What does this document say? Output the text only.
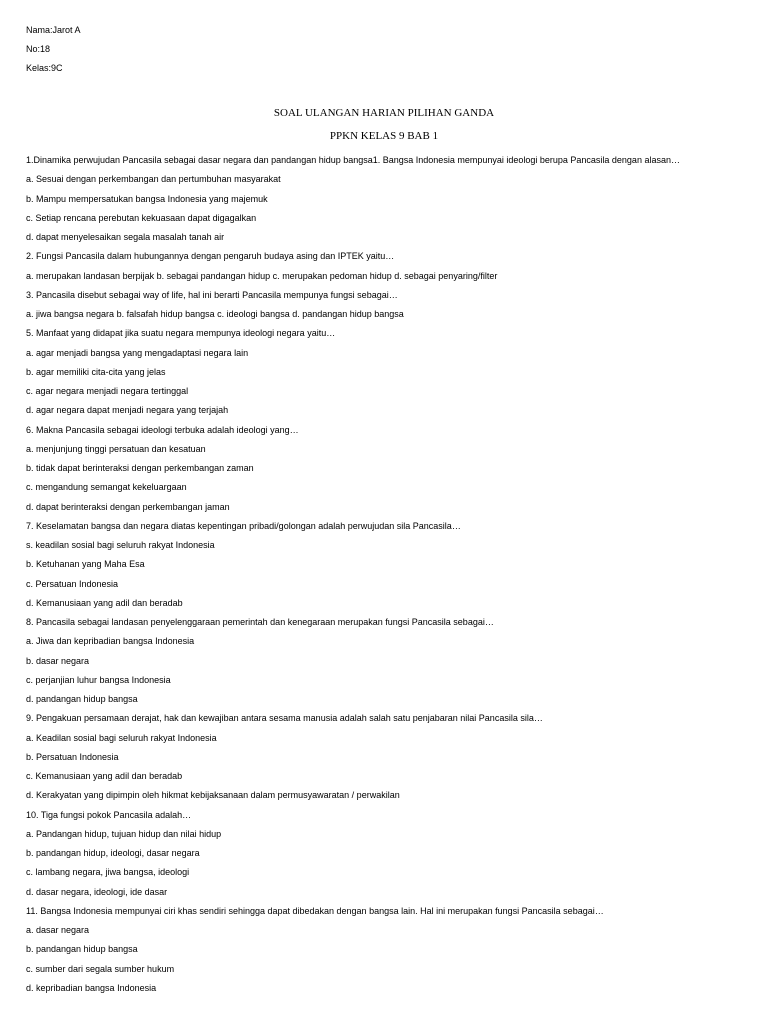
Nama:Jarot A
No:18
Kelas:9C
SOAL ULANGAN HARIAN PILIHAN GANDA
PPKN KELAS 9 BAB 1
1.Dinamika perwujudan Pancasila sebagai dasar negara dan pandangan hidup bangsa1. Bangsa Indonesia mempunyai ideologi berupa Pancasila dengan alasan…
a. Sesuai dengan perkembangan dan pertumbuhan masyarakat
b. Mampu mempersatukan bangsa Indonesia yang majemuk
c. Setiap rencana perebutan kekuasaan dapat digagalkan
d. dapat menyelesaikan segala masalah tanah air
2. Fungsi Pancasila dalam hubungannya dengan pengaruh budaya asing dan IPTEK yaitu…
a. merupakan landasan berpijak b. sebagai pandangan hidup c. merupakan pedoman hidup d. sebagai penyaring/filter
3. Pancasila disebut sebagai way of life, hal ini berarti Pancasila mempunya fungsi sebagai…
a. jiwa bangsa negara b. falsafah hidup bangsa c. ideologi bangsa d. pandangan hidup bangsa
5. Manfaat yang didapat jika suatu negara mempunya ideologi negara yaitu…
a. agar menjadi bangsa yang mengadaptasi negara lain
b. agar memiliki cita-cita yang jelas
c. agar negara menjadi negara tertinggal
d. agar negara dapat menjadi negara yang terjajah
6. Makna Pancasila sebagai ideologi terbuka adalah ideologi yang…
a. menjunjung tinggi persatuan dan kesatuan
b. tidak dapat berinteraksi dengan perkembangan zaman
c. mengandung semangat kekeluargaan
d. dapat berinteraksi dengan perkembangan jaman
7. Keselamatan bangsa dan negara diatas kepentingan pribadi/golongan adalah perwujudan sila Pancasila…
s. keadilan sosial bagi seluruh rakyat Indonesia
b. Ketuhanan yang Maha Esa
c. Persatuan Indonesia
d. Kemanusiaan yang adil dan beradab
8. Pancasila sebagai landasan penyelenggaraan pemerintah dan kenegaraan merupakan fungsi Pancasila sebagai…
a. Jiwa dan kepribadian bangsa Indonesia
b. dasar negara
c. perjanjian luhur bangsa Indonesia
d. pandangan hidup bangsa
9. Pengakuan persamaan derajat, hak dan kewajiban antara sesama manusia adalah salah satu penjabaran nilai Pancasila sila…
a. Keadilan sosial bagi seluruh rakyat Indonesia
b. Persatuan Indonesia
c. Kemanusiaan yang adil dan beradab
d. Kerakyatan yang dipimpin oleh hikmat kebijaksanaan dalam permusyawaratan / perwakilan
10. Tiga fungsi pokok Pancasila adalah…
a. Pandangan hidup, tujuan hidup dan nilai hidup
b. pandangan hidup, ideologi, dasar negara
c. lambang negara, jiwa bangsa, ideologi
d. dasar negara, ideologi, ide dasar
11. Bangsa Indonesia mempunyai ciri khas sendiri sehingga dapat dibedakan dengan bangsa lain. Hal ini merupakan fungsi Pancasila sebagai…
a. dasar negara
b. pandangan hidup bangsa
c. sumber dari segala sumber hukum
d. kepribadian bangsa Indonesia
